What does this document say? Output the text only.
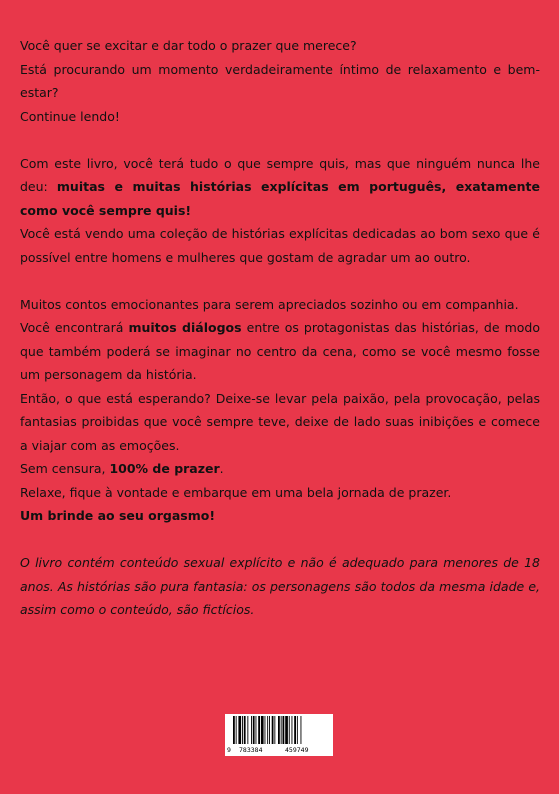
Você quer se excitar e dar todo o prazer que merece?

Está procurando um momento verdadeiramente íntimo de relaxamento e bem-estar?

Continue lendo!

Com este livro, você terá tudo o que sempre quis, mas que ninguém nunca lhe deu: muitas e muitas histórias explícitas em português, exatamente como você sempre quis!

Você está vendo uma coleção de histórias explícitas dedicadas ao bom sexo que é possível entre homens e mulheres que gostam de agradar um ao outro.

Muitos contos emocionantes para serem apreciados sozinho ou em companhia.

Você encontrará muitos diálogos entre os protagonistas das histórias, de modo que também poderá se imaginar no centro da cena, como se você mesmo fosse um personagem da história.

Então, o que está esperando? Deixe-se levar pela paixão, pela provocação, pelas fantasias proibidas que você sempre teve, deixe de lado suas inibições e comece a viajar com as emoções.

Sem censura, 100% de prazer.

Relaxe, fique à vontade e embarque em uma bela jornada de prazer.

Um brinde ao seu orgasmo!

O livro contém conteúdo sexual explícito e não é adequado para menores de 18 anos. As histórias são pura fantasia: os personagens são todos da mesma idade e, assim como o conteúdo, são fictícios.

9 783384	459749
